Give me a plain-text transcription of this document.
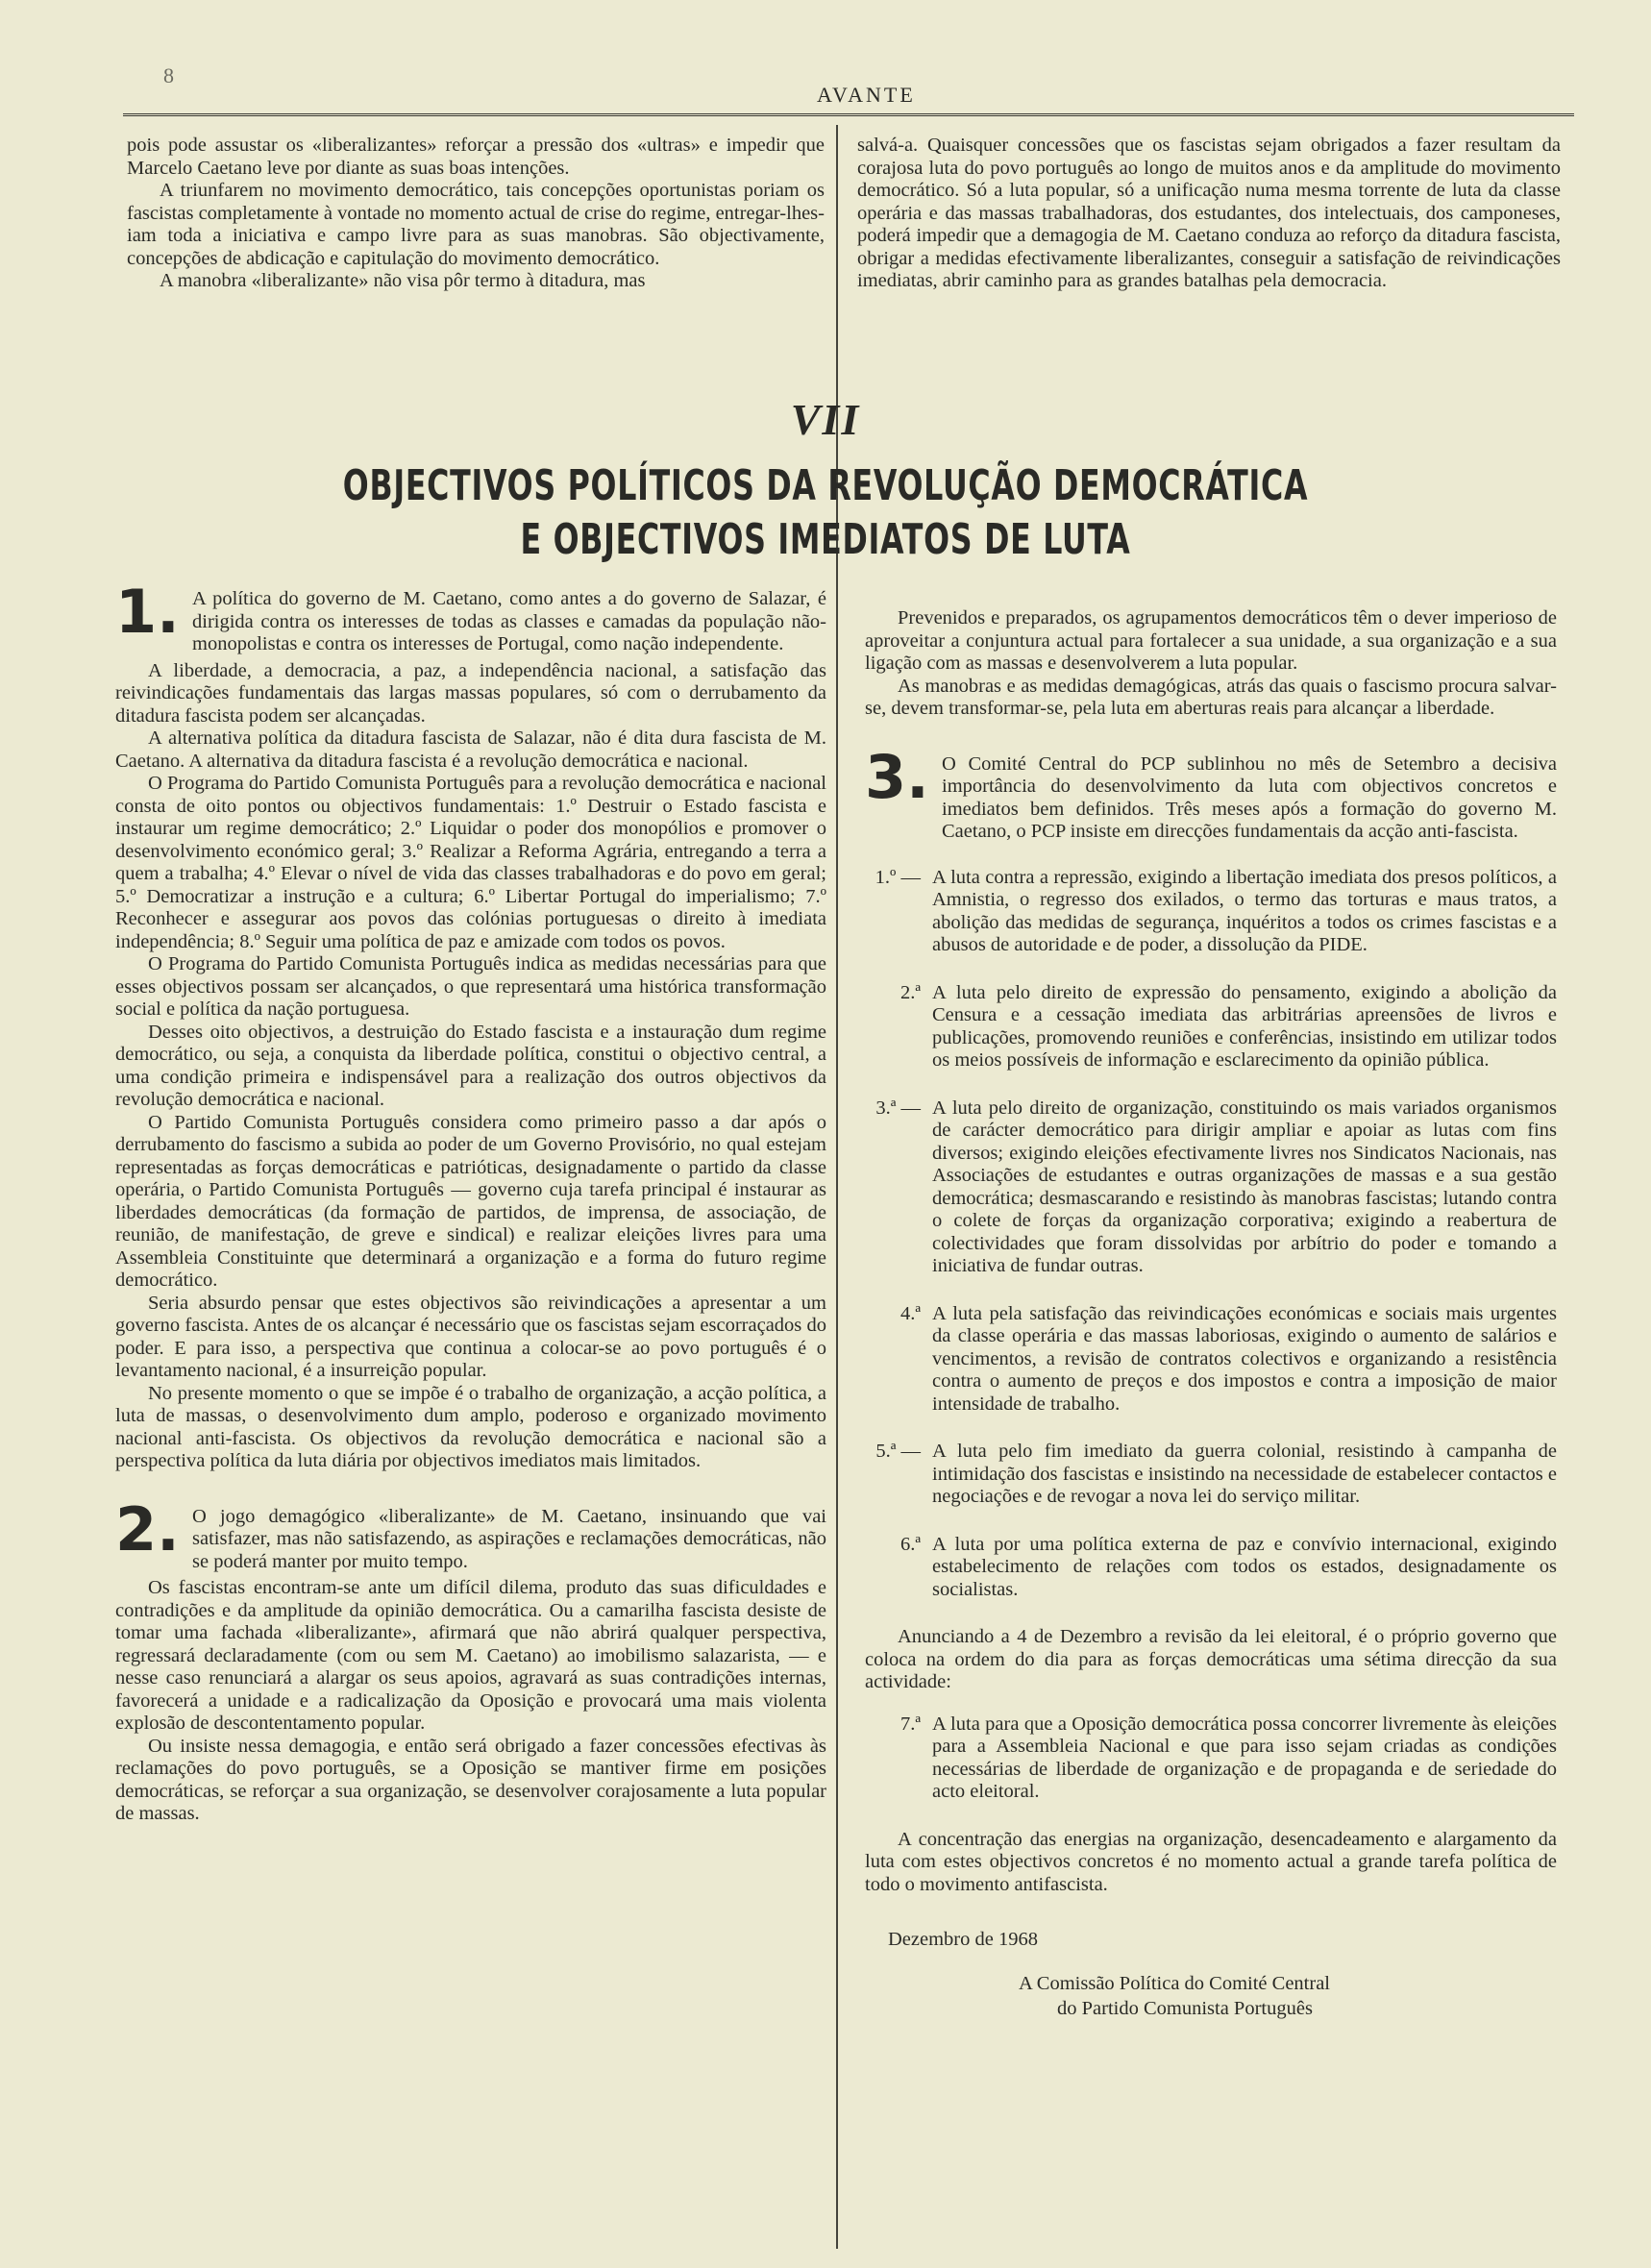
8
AVANTE

pois pode assustar os «liberalizantes» reforçar a pressão dos «ultras» e impedir que Marcelo Caetano leve por diante as suas boas intenções.

A triunfarem no movimento democrático, tais concepções oportunistas poriam os fascistas completamente à vontade no momento actual de crise do regime, entregar-lhes-iam toda a iniciativa e campo livre para as suas manobras. São objectivamente, concepções de abdicação e capitulação do movimento democrático.

A manobra «liberalizante» não visa pôr termo à ditadura, mas

salvá-a. Quaisquer concessões que os fascistas sejam obrigados a fazer resultam da corajosa luta do povo português ao longo de muitos anos e da amplitude do movimento democrático. Só a luta popular, só a unificação numa mesma torrente de luta da classe operária e das massas trabalhadoras, dos estudantes, dos intelectuais, dos camponeses, poderá impedir que a demagogia de M. Caetano conduza ao reforço da ditadura fascista, obrigar a medidas efectivamente liberalizantes, conseguir a satisfação de reivindicações imediatas, abrir caminho para as grandes batalhas pela democracia.

VII
OBJECTIVOS POLÍTICOS DA REVOLUÇÃO DEMOCRÁTICA
E OBJECTIVOS IMEDIATOS DE LUTA
1. A política do governo de M. Caetano, como antes a do governo de Salazar, é dirigida contra os interesses de todas as classes e camadas da população não-monopolistas e contra os interesses de Portugal, como nação independente.

A liberdade, a democracia, a paz, a independência nacional, a satisfação das reivindicações fundamentais das largas massas populares, só com o derrubamento da ditadura fascista podem ser alcançadas.

A alternativa política da ditadura fascista de Salazar, não é dita dura fascista de M. Caetano. A alternativa da ditadura fascista é a revolução democrática e nacional.

O Programa do Partido Comunista Português para a revolução democrática e nacional consta de oito pontos ou objectivos fundamentais: 1.º Destruir o Estado fascista e instaurar um regime democrático; 2.º Liquidar o poder dos monopólios e promover o desenvolvimento económico geral; 3.º Realizar a Reforma Agrária, entregando a terra a quem a trabalha; 4.º Elevar o nível de vida das classes trabalhadoras e do povo em geral; 5.º Democratizar a instrução e a cultura; 6.º Libertar Portugal do imperialismo; 7.º Reconhecer e assegurar aos povos das colónias portuguesas o direito à imediata independência; 8.º Seguir uma política de paz e amizade com todos os povos.

O Programa do Partido Comunista Português indica as medidas necessárias para que esses objectivos possam ser alcançados, o que representará uma histórica transformação social e política da nação portuguesa.

Desses oito objectivos, a destruição do Estado fascista e a instauração dum regime democrático, ou seja, a conquista da liberdade política, constitui o objectivo central, a uma condição primeira e indispensável para a realização dos outros objectivos da revolução democrática e nacional.

O Partido Comunista Português considera como primeiro passo a dar após o derrubamento do fascismo a subida ao poder de um Governo Provisório, no qual estejam representadas as forças democráticas e patrióticas, designadamente o partido da classe operária, o Partido Comunista Português — governo cuja tarefa principal é instaurar as liberdades democráticas (da formação de partidos, de imprensa, de associação, de reunião, de manifestação, de greve e sindical) e realizar eleições livres para uma Assembleia Constituinte que determinará a organização e a forma do futuro regime democrático.

Seria absurdo pensar que estes objectivos são reivindicações a apresentar a um governo fascista. Antes de os alcançar é necessário que os fascistas sejam escorraçados do poder. E para isso, a perspectiva que continua a colocar-se ao povo português é o levantamento nacional, é a insurreição popular.

No presente momento o que se impõe é o trabalho de organização, a acção política, a luta de massas, o desenvolvimento dum amplo, poderoso e organizado movimento nacional anti-fascista. Os objectivos da revolução democrática e nacional são a perspectiva política da luta diária por objectivos imediatos mais limitados.

2. O jogo demagógico «liberalizante» de M. Caetano, insinuando que vai satisfazer, mas não satisfazendo, as aspirações e reclamações democráticas, não se poderá manter por muito tempo.

Os fascistas encontram-se ante um difícil dilema, produto das suas dificuldades e contradições e da amplitude da opinião democrática. Ou a camarilha fascista desiste de tomar uma fachada «liberalizante», afirmará que não abrirá qualquer perspectiva, regressará declaradamente (com ou sem M. Caetano) ao imobilismo salazarista, — e nesse caso renunciará a alargar os seus apoios, agravará as suas contradições internas, favorecerá a unidade e a radicalização da Oposição e provocará uma mais violenta explosão de descontentamento popular.

Ou insiste nessa demagogia, e então será obrigado a fazer concessões efectivas às reclamações do povo português, se a Oposição se mantiver firme em posições democráticas, se reforçar a sua organização, se desenvolver corajosamente a luta popular de massas.

Prevenidos e preparados, os agrupamentos democráticos têm o dever imperioso de aproveitar a conjuntura actual para fortalecer a sua unidade, a sua organização e a sua ligação com as massas e desenvolverem a luta popular.

As manobras e as medidas demagógicas, atrás das quais o fascismo procura salvar-se, devem transformar-se, pela luta em aberturas reais para alcançar a liberdade.

3. O Comité Central do PCP sublinhou no mês de Setembro a decisiva importância do desenvolvimento da luta com objectivos concretos e imediatos bem definidos. Três meses após a formação do governo M. Caetano, o PCP insiste em direcções fundamentais da acção anti-fascista.

1.º — A luta contra a repressão, exigindo a libertação imediata dos presos políticos, a Amnistia, o regresso dos exilados, o termo das torturas e maus tratos, a abolição das medidas de segurança, inquéritos a todos os crimes fascistas e a abusos de autoridade e de poder, a dissolução da PIDE.
2.ª A luta pelo direito de expressão do pensamento, exigindo a abolição da Censura e a cessação imediata das arbitrárias apreensões de livros e publicações, promovendo reuniões e conferências, insistindo em utilizar todos os meios possíveis de informação e esclarecimento da opinião pública.
3.ª — A luta pelo direito de organização, constituindo os mais variados organismos de carácter democrático para dirigir ampliar e apoiar as lutas com fins diversos; exigindo eleições efectivamente livres nos Sindicatos Nacionais, nas Associações de estudantes e outras organizações de massas e a sua gestão democrática; desmascarando e resistindo às manobras fascistas; lutando contra o colete de forças da organização corporativa; exigindo a reabertura de colectividades que foram dissolvidas por arbítrio do poder e tomando a iniciativa de fundar outras.
4.ª A luta pela satisfação das reivindicações económicas e sociais mais urgentes da classe operária e das massas laboriosas, exigindo o aumento de salários e vencimentos, a revisão de contratos colectivos e organizando a resistência contra o aumento de preços e dos impostos e contra a imposição de maior intensidade de trabalho.
5.ª — A luta pelo fim imediato da guerra colonial, resistindo à campanha de intimidação dos fascistas e insistindo na necessidade de estabelecer contactos e negociações e de revogar a nova lei do serviço militar.
6.ª A luta por uma política externa de paz e convívio internacional, exigindo estabelecimento de relações com todos os estados, designadamente os socialistas.

Anunciando a 4 de Dezembro a revisão da lei eleitoral, é o próprio governo que coloca na ordem do dia para as forças democráticas uma sétima direcção da sua actividade:

7.ª A luta para que a Oposição democrática possa concorrer livremente às eleições para a Assembleia Nacional e que para isso sejam criadas as condições necessárias de liberdade de organização e de propaganda e de seriedade do acto eleitoral.

A concentração das energias na organização, desencadeamento e alargamento da luta com estes objectivos concretos é no momento actual a grande tarefa política de todo o movimento antifascista.

Dezembro de 1968
A Comissão Política do Comité Central
do Partido Comunista Português
